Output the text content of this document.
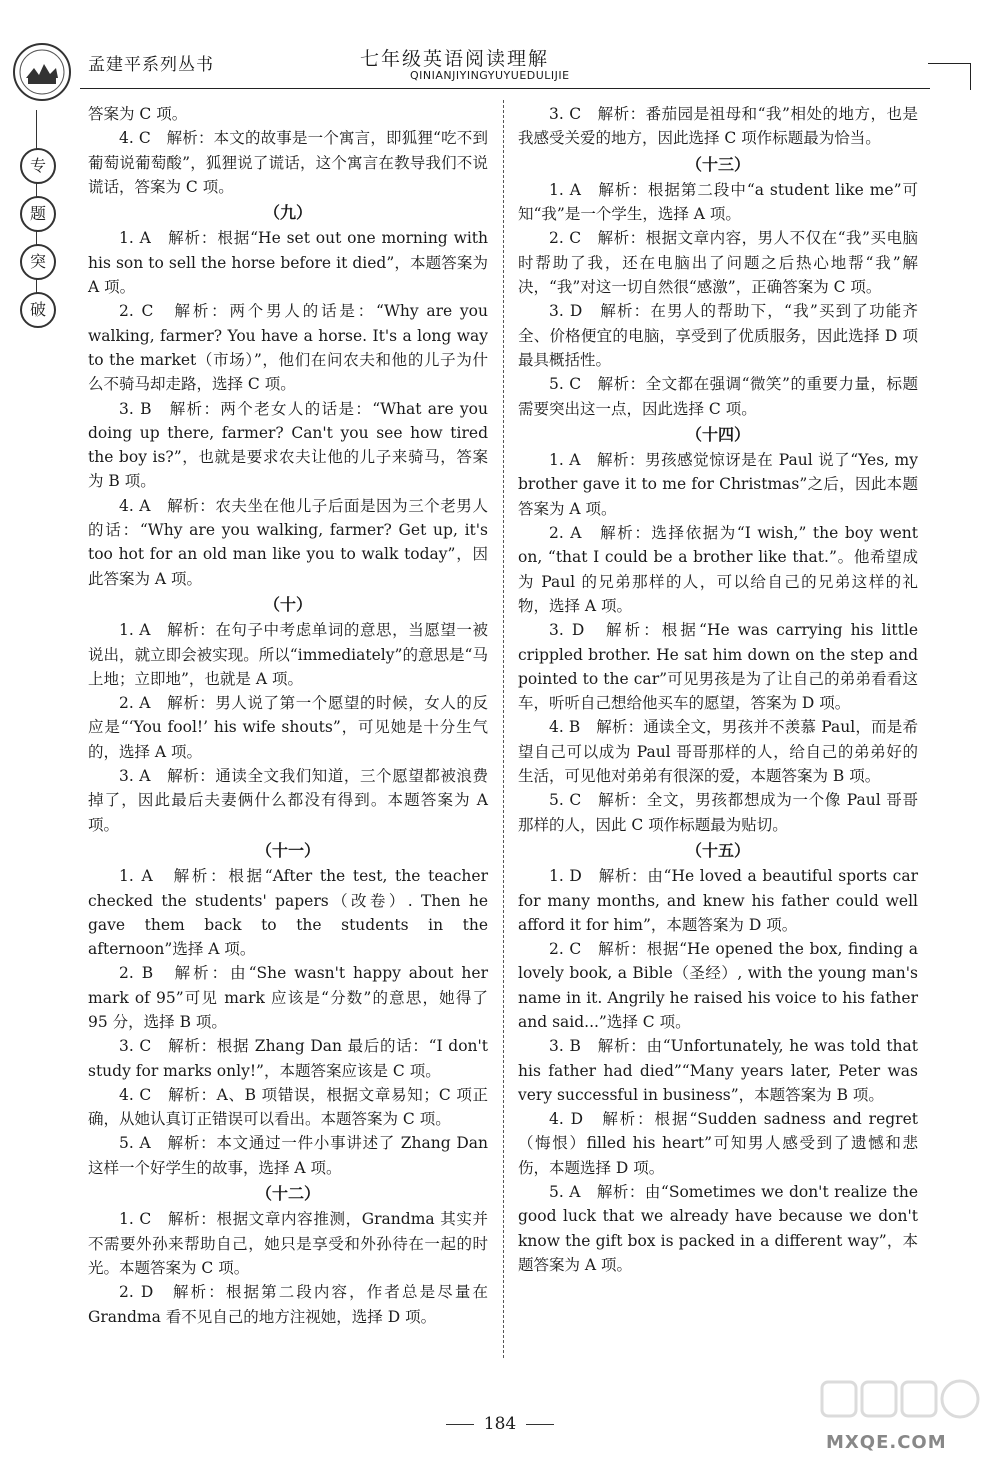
孟建平系列丛书	七年级英语阅读理解
QINIANJIYINGYUYUEDULIJIE
专
题
突
破

答案为 C 项。

4. C　解析：本文的故事是一个寓言，即狐狸“吃不到葡萄说葡萄酸”，狐狸说了谎话，这个寓言在教导我们不说谎话，答案为 C 项。

（九）

1. A　解析：根据“He set out one morning with his son to sell the horse before it died”，本题答案为 A 项。

2. C　解析：两个男人的话是：“Why are you walking, farmer? You have a horse. It's a long way to the market（市场）”，他们在问农夫和他的儿子为什么不骑马却走路，选择 C 项。

3. B　解析：两个老女人的话是：“What are you doing up there, farmer? Can't you see how tired the boy is?”，也就是要求农夫让他的儿子来骑马，答案为 B 项。

4. A　解析：农夫坐在他儿子后面是因为三个老男人的话：“Why are you walking, farmer? Get up, it's too hot for an old man like you to walk today”，因此答案为 A 项。

（十）

1. A　解析：在句子中考虑单词的意思，当愿望一被说出，就立即会被实现。所以“immediately”的意思是“马上地；立即地”，也就是 A 项。

2. A　解析：男人说了第一个愿望的时候，女人的反应是“‘You fool!’ his wife shouts”，可见她是十分生气的，选择 A 项。

3. A　解析：通读全文我们知道，三个愿望都被浪费掉了，因此最后夫妻俩什么都没有得到。本题答案为 A 项。

（十一）

1. A　解析：根据“After the test, the teacher checked the students' papers（改卷）. Then he gave them back to the students in the afternoon”选择 A 项。

2. B　解析：由“She wasn't happy about her mark of 95”可见 mark 应该是“分数”的意思，她得了 95 分，选择 B 项。

3. C　解析：根据 Zhang Dan 最后的话：“I don't study for marks only!”，本题答案应该是 C 项。

4. C　解析：A、B 项错误，根据文章易知；C 项正确，从她认真订正错误可以看出。本题答案为 C 项。

5. A　解析：本文通过一件小事讲述了 Zhang Dan 这样一个好学生的故事，选择 A 项。

（十二）

1. C　解析：根据文章内容推测，Grandma 其实并不需要外孙来帮助自己，她只是享受和外孙待在一起的时光。本题答案为 C 项。

2. D　解析：根据第二段内容，作者总是尽量在 Grandma 看不见自己的地方注视她，选择 D 项。

3. C　解析：番茄园是祖母和“我”相处的地方，也是我感受关爱的地方，因此选择 C 项作标题最为恰当。

（十三）

1. A　解析：根据第二段中“a student like me”可知“我”是一个学生，选择 A 项。

2. C　解析：根据文章内容，男人不仅在“我”买电脑时帮助了我，还在电脑出了问题之后热心地帮“我”解决，“我”对这一切自然很“感激”，正确答案为 C 项。

3. D　解析：在男人的帮助下，“我”买到了功能齐全、价格便宜的电脑，享受到了优质服务，因此选择 D 项最具概括性。

5. C　解析：全文都在强调“微笑”的重要力量，标题需要突出这一点，因此选择 C 项。

（十四）

1. A　解析：男孩感觉惊讶是在 Paul 说了“Yes, my brother gave it to me for Christmas”之后，因此本题答案为 A 项。

2. A　解析：选择依据为“I wish,” the boy went on, “that I could be a brother like that.”。他希望成为 Paul 的兄弟那样的人，可以给自己的兄弟这样的礼物，选择 A 项。

3. D　解析：根据“He was carrying his little crippled brother. He sat him down on the step and pointed to the car”可见男孩是为了让自己的弟弟看看这车，听听自己想给他买车的愿望，答案为 D 项。

4. B　解析：通读全文，男孩并不羡慕 Paul，而是希望自己可以成为 Paul 哥哥那样的人，给自己的弟弟好的生活，可见他对弟弟有很深的爱，本题答案为 B 项。

5. C　解析：全文，男孩都想成为一个像 Paul 哥哥那样的人，因此 C 项作标题最为贴切。

（十五）

1. D　解析：由“He loved a beautiful sports car for many months, and knew his father could well afford it for him”，本题答案为 D 项。

2. C　解析：根据“He opened the box, finding a lovely book, a Bible（圣经）, with the young man's name in it. Angrily he raised his voice to his father and said...”选择 C 项。

3. B　解析：由“Unfortunately, he was told that his father had died”“Many years later, Peter was very successful in business”，本题答案为 B 项。

4. D　解析：根据“Sudden sadness and regret（悔恨）filled his heart”可知男人感受到了遗憾和悲伤，本题选择 D 项。

5. A　解析：由“Sometimes we don't realize the good luck that we already have because we don't know the gift box is packed in a different way”，本题答案为 A 项。

184
MXQE.COM
